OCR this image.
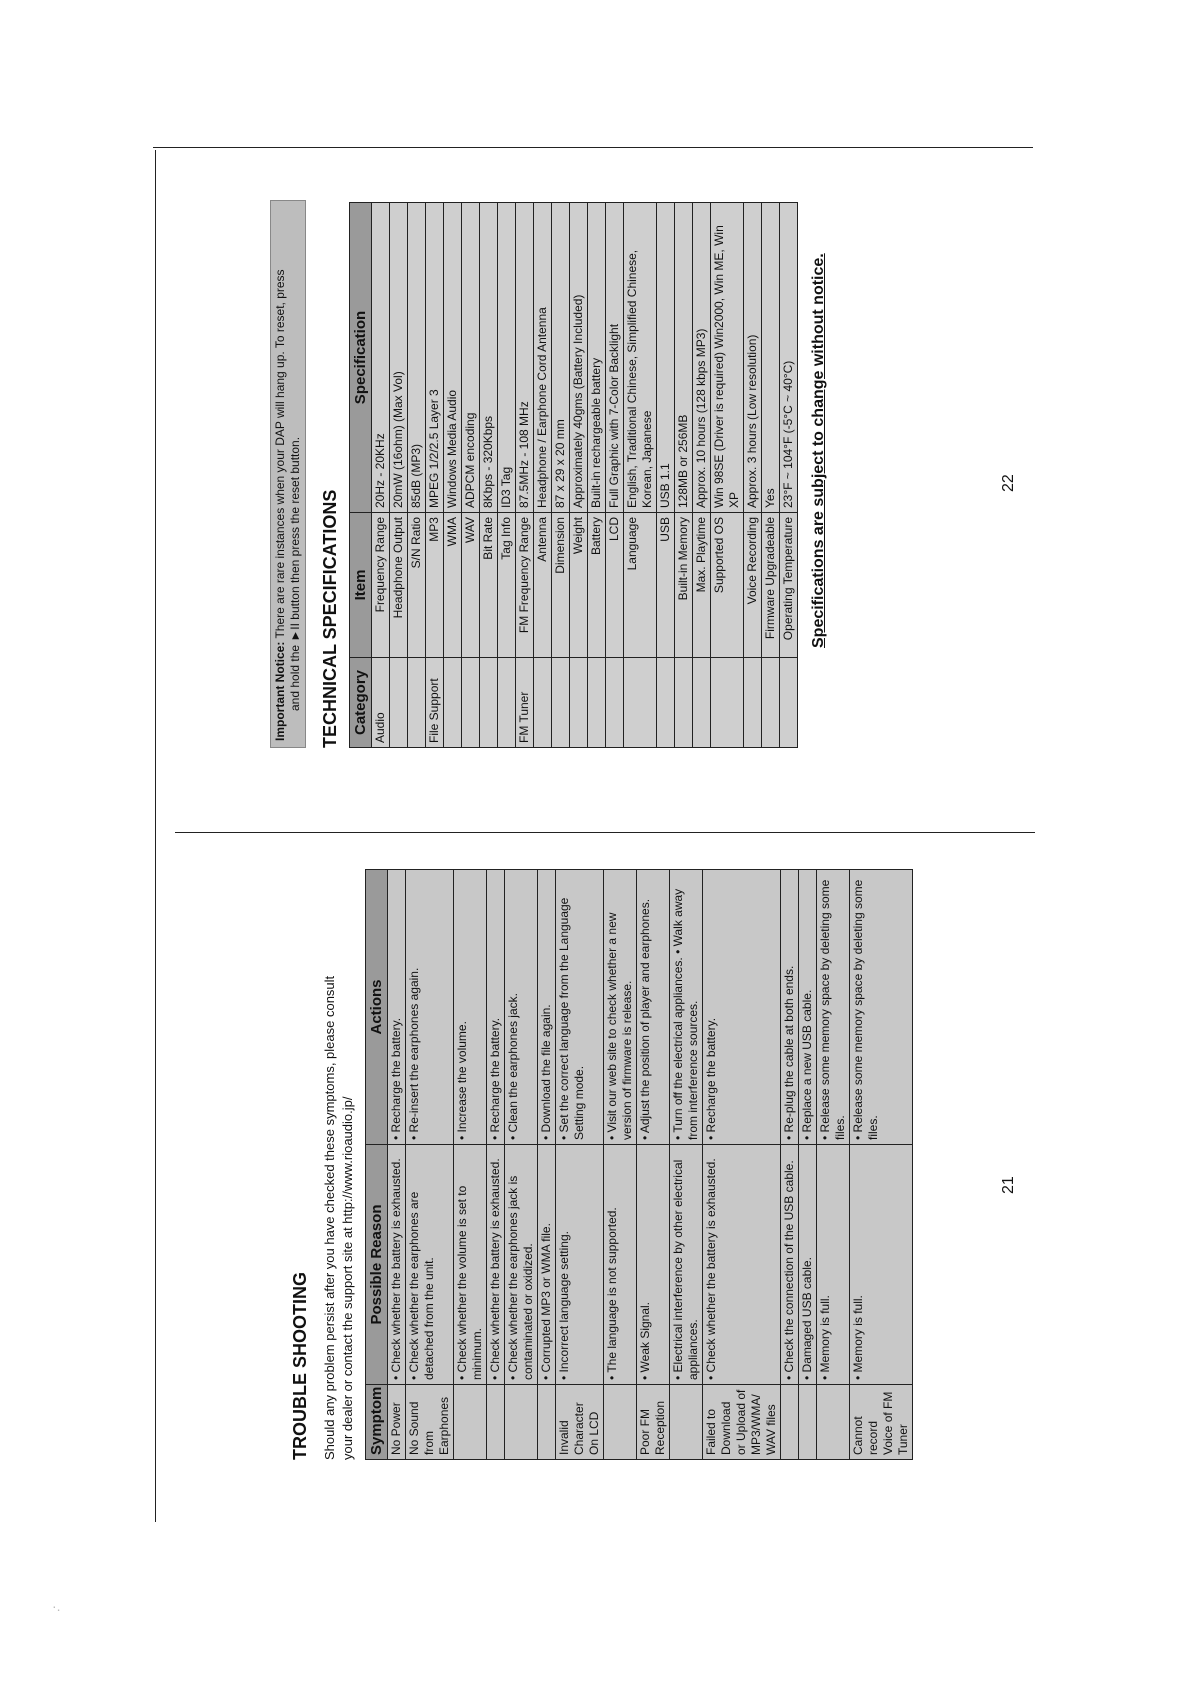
·.
TROUBLE SHOOTING Should any problem persist after you have checked these symptoms, please consult your dealer or contact the support site at http://www.rioaudio.jp/ Symptom	Possible Reason	Actions
No Power	• Check whether the battery is exhausted.	• Recharge the battery.
No Sound from Earphones	• Check whether the earphones are detached from the unit.	• Re-insert the earphones again.
	• Check whether the volume is set to minimum.	• Increase the volume.
	• Check whether the battery is exhausted.	• Recharge the battery.
	• Check whether the earphones jack is contaminated or oxidized.	• Clean the earphones jack.
	• Corrupted MP3 or WMA file.	• Download the file again.
Invalid Character On LCD	• Incorrect language setting.	• Set the correct language from the Language Setting mode.
	• The language is not supported.	• Visit our web site to check whether a new version of firmware is release.
Poor FM Reception	• Weak Signal.	• Adjust the position of player and earphones.
	• Electrical interference by other electrical appliances.	• Turn off the electrical appliances. • Walk away from interference sources.
Failed to Download or Upload of MP3/WMA/ WAV files	• Check whether the battery is exhausted.	• Recharge the battery.
	• Check the connection of the USB cable.	• Re-plug the cable at both ends.
	• Damaged USB cable.	• Replace a new USB cable.
	• Memory is full.	• Release some memory space by deleting some files.
Cannot record Voice of FM Tuner	• Memory is full.	• Release some memory space by deleting some files.
21
Important Notice: There are rare instances when your DAP will hang up. To reset, press and hold the ►II button then press the reset button. TECHNICAL SPECIFICATIONS Category	Item	Specification
Audio	Frequency Range	20Hz - 20KHz
	Headphone Output	20mW (16ohm) (Max Vol)
	S/N Ratio	85dB (MP3)
File Support	MP3	MPEG 1/2/2.5 Layer 3
	WMA	Windows Media Audio
	WAV	ADPCM encoding
	Bit Rate	8Kbps - 320Kbps
	Tag Info	ID3 Tag
FM Tuner	FM Frequency Range	87.5MHz - 108 MHz
	Antenna	Headphone / Earphone Cord Antenna
	Dimension	87 x 29 x 20 mm
	Weight	Approximately 40gms (Battery Included)
	Battery	Built-in rechargeable battery
	LCD	Full Graphic with 7-Color Backlight
	Language	English, Traditional Chinese, Simplified Chinese, Korean, Japanese
	USB	USB 1.1
	Built-in Memory	128MB or 256MB
	Max. Playtime	Approx. 10 hours (128 kbps MP3)
	Supported OS	Win 98SE (Driver is required) Win2000, Win ME, Win XP
	Voice Recording	Approx. 3 hours (Low resolution)
	Firmware Upgradeable	Yes
	Operating Temperature	23°F ~ 104°F (-5°C ~ 40°C) Specifications are subject to change without notice.	22
